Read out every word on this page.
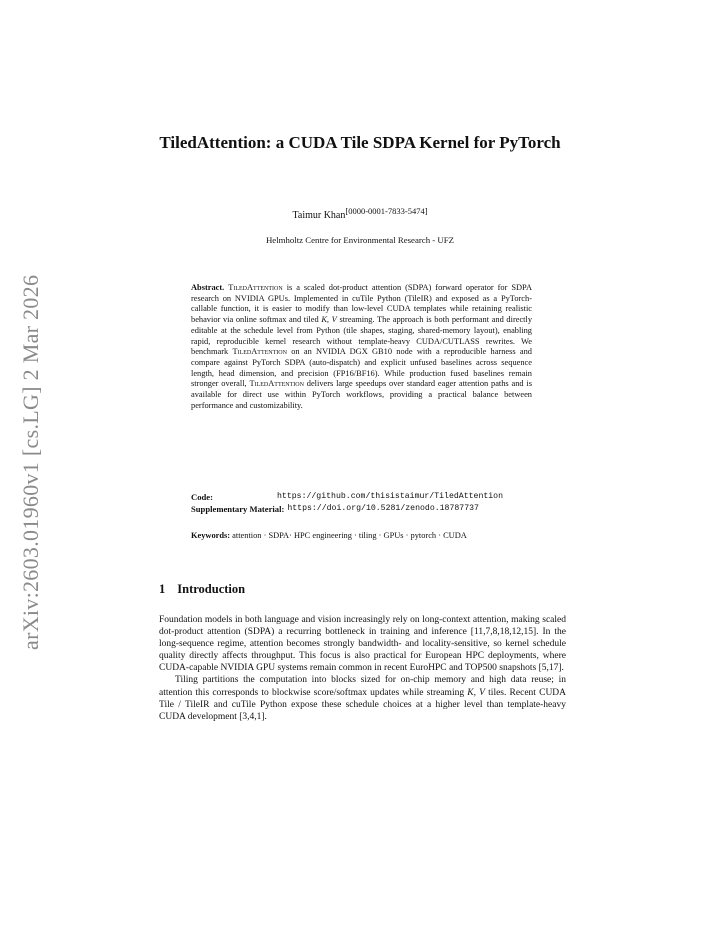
arXiv:2603.01960v1 [cs.LG] 2 Mar 2026
TiledAttention: a CUDA Tile SDPA Kernel for PyTorch
Taimur Khan[0000-0001-7833-5474]
Helmholtz Centre for Environmental Research - UFZ
Abstract. TiledAttention is a scaled dot-product attention (SDPA) forward operator for SDPA research on NVIDIA GPUs. Implemented in cuTile Python (TileIR) and exposed as a PyTorch-callable function, it is easier to modify than low-level CUDA templates while retaining realistic behavior via online softmax and tiled K, V streaming. The approach is both performant and directly editable at the schedule level from Python (tile shapes, staging, shared-memory layout), enabling rapid, reproducible kernel research without template-heavy CUDA/CUTLASS rewrites. We benchmark TiledAttention on an NVIDIA DGX GB10 node with a reproducible harness and compare against PyTorch SDPA (auto-dispatch) and explicit unfused baselines across sequence length, head dimension, and precision (FP16/BF16). While production fused baselines remain stronger overall, TiledAttention delivers large speedups over standard eager attention paths and is available for direct use within PyTorch workflows, providing a practical balance between performance and customizability.
Code:	https://github.com/thisistaimur/TiledAttention
Supplementary Material: https://doi.org/10.5281/zenodo.18787737
Keywords: attention · SDPA· HPC engineering · tiling · GPUs · pytorch · CUDA
1 Introduction

Foundation models in both language and vision increasingly rely on long-context attention, making scaled dot-product attention (SDPA) a recurring bottleneck in training and inference [11,7,8,18,12,15]. In the long-sequence regime, attention becomes strongly bandwidth- and locality-sensitive, so kernel schedule quality directly affects throughput. This focus is also practical for European HPC deployments, where CUDA-capable NVIDIA GPU systems remain common in recent EuroHPC and TOP500 snapshots [5,17].

Tiling partitions the computation into blocks sized for on-chip memory and high data reuse; in attention this corresponds to blockwise score/softmax updates while streaming K, V tiles. Recent CUDA Tile / TileIR and cuTile Python expose these schedule choices at a higher level than template-heavy CUDA development [3,4,1].
